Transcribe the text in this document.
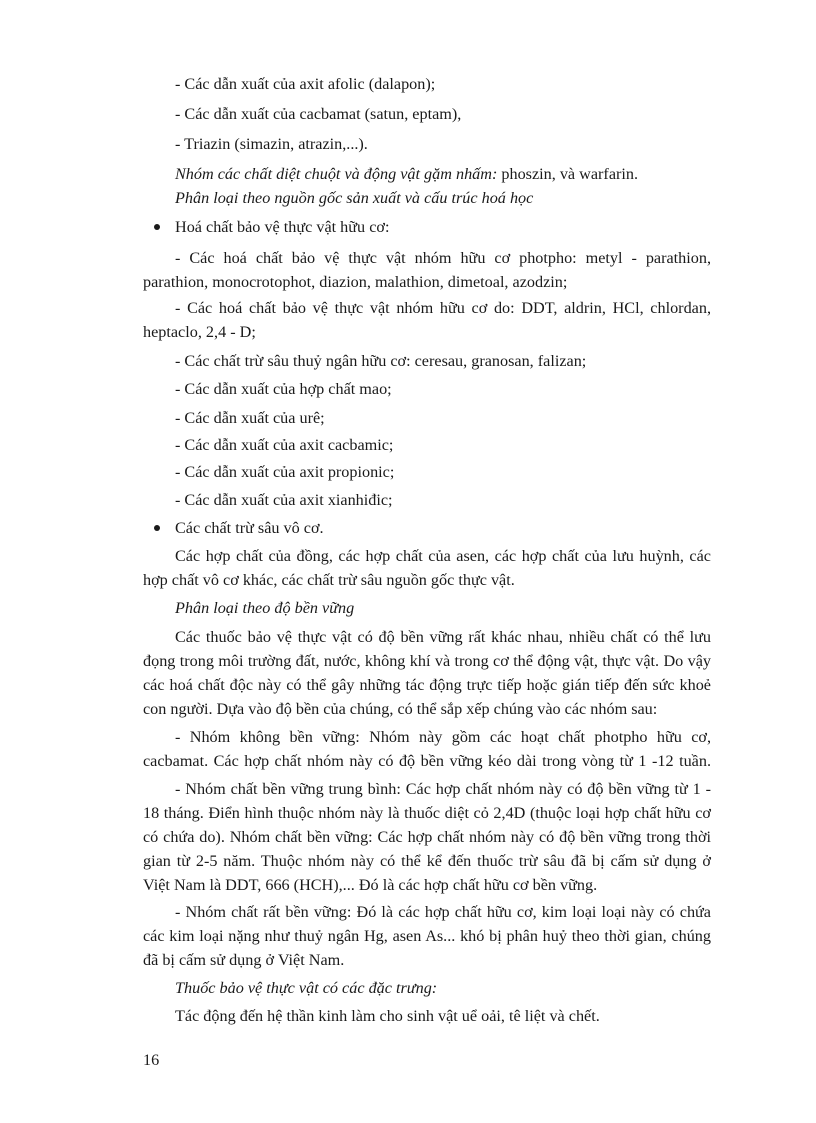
- Các dẫn xuất của axit afolic (dalapon);
- Các dẫn xuất của cacbamat (satun, eptam),
- Triazin (simazin, atrazin,...).
Nhóm các chất diệt chuột và động vật gặm nhấm: phoszin, và warfarin.
Phân loại theo nguồn gốc sản xuất và cấu trúc hoá học
Hoá chất bảo vệ thực vật hữu cơ:
- Các hoá chất bảo vệ thực vật nhóm hữu cơ photpho: metyl - parathion,
parathion, monocrotophot, diazion, malathion, dimetoal, azodzin;
- Các hoá chất bảo vệ thực vật nhóm hữu cơ do: DDT, aldrin, HCl, chlordan,
heptaclo, 2,4 - D;
- Các chất trừ sâu thuỷ ngân hữu cơ: ceresau, granosan, falizan;
- Các dẫn xuất của hợp chất mao;
- Các dẫn xuất của urê;
- Các dẫn xuất của axit cacbamic;
- Các dẫn xuất của axit propionic;
- Các dẫn xuất của axit xianhiđic;
Các chất trừ sâu vô cơ.
Các hợp chất của đồng, các hợp chất của asen, các hợp chất của lưu huỳnh, các
hợp chất vô cơ khác, các chất trừ sâu nguồn gốc thực vật.
Phân loại theo độ bền vững
Các thuốc bảo vệ thực vật có độ bền vững rất khác nhau, nhiều chất có thể lưu
đọng trong môi trường đất, nước, không khí và trong cơ thể động vật, thực vật. Do vậy
các hoá chất độc này có thể gây những tác động trực tiếp hoặc gián tiếp đến sức khoẻ
con người. Dựa vào độ bền của chúng, có thể sắp xếp chúng vào các nhóm sau:
- Nhóm không bền vững: Nhóm này gồm các hoạt chất photpho hữu cơ,
cacbamat. Các hợp chất nhóm này có độ bền vững kéo dài trong vòng từ 1 -12 tuần.
- Nhóm chất bền vững trung bình: Các hợp chất nhóm này có độ bền vững từ 1 -
18 tháng. Điển hình thuộc nhóm này là thuốc diệt cỏ 2,4D (thuộc loại hợp chất hữu cơ
có chứa do). Nhóm chất bền vững: Các hợp chất nhóm này có độ bền vững trong thời
gian từ 2-5 năm. Thuộc nhóm này có thể kể đến thuốc trừ sâu đã bị cấm sử dụng ở
Việt Nam là DDT, 666 (HCH),... Đó là các hợp chất hữu cơ bền vững.
- Nhóm chất rất bền vững: Đó là các hợp chất hữu cơ, kim loại loại này có chứa
các kim loại nặng như thuỷ ngân Hg, asen As... khó bị phân huỷ theo thời gian, chúng
đã bị cấm sử dụng ở Việt Nam.
Thuốc bảo vệ thực vật có các đặc trưng:
Tác động đến hệ thần kinh làm cho sinh vật uể oải, tê liệt và chết.
16
